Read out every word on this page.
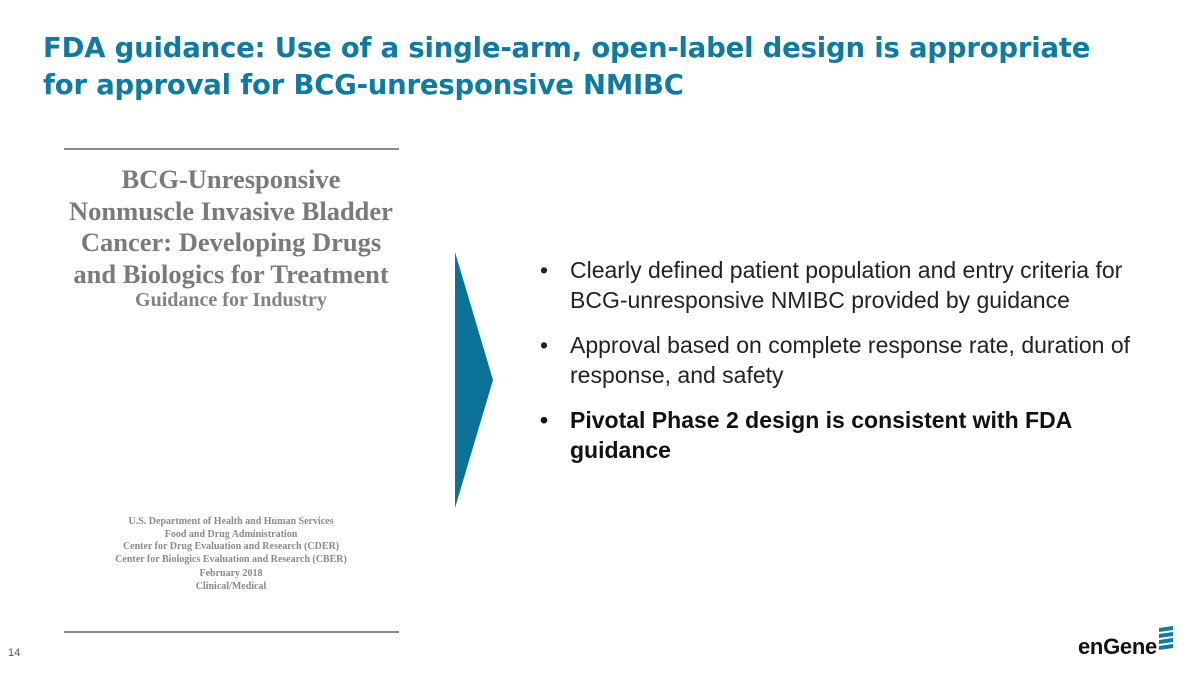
FDA guidance: Use of a single-arm, open-label design is appropriate
for approval for BCG-unresponsive NMIBC
BCG-Unresponsive
Nonmuscle Invasive Bladder
Cancer: Developing Drugs
and Biologics for Treatment
Guidance for Industry
U.S. Department of Health and Human Services
Food and Drug Administration
Center for Drug Evaluation and Research (CDER)
Center for Biologics Evaluation and Research (CBER)
February 2018
Clinical/Medical
• Clearly defined patient population and entry criteria for BCG-unresponsive NMIBC provided by guidance
• Approval based on complete response rate, duration of response, and safety
• Pivotal Phase 2 design is consistent with FDA guidance
14	enGene
